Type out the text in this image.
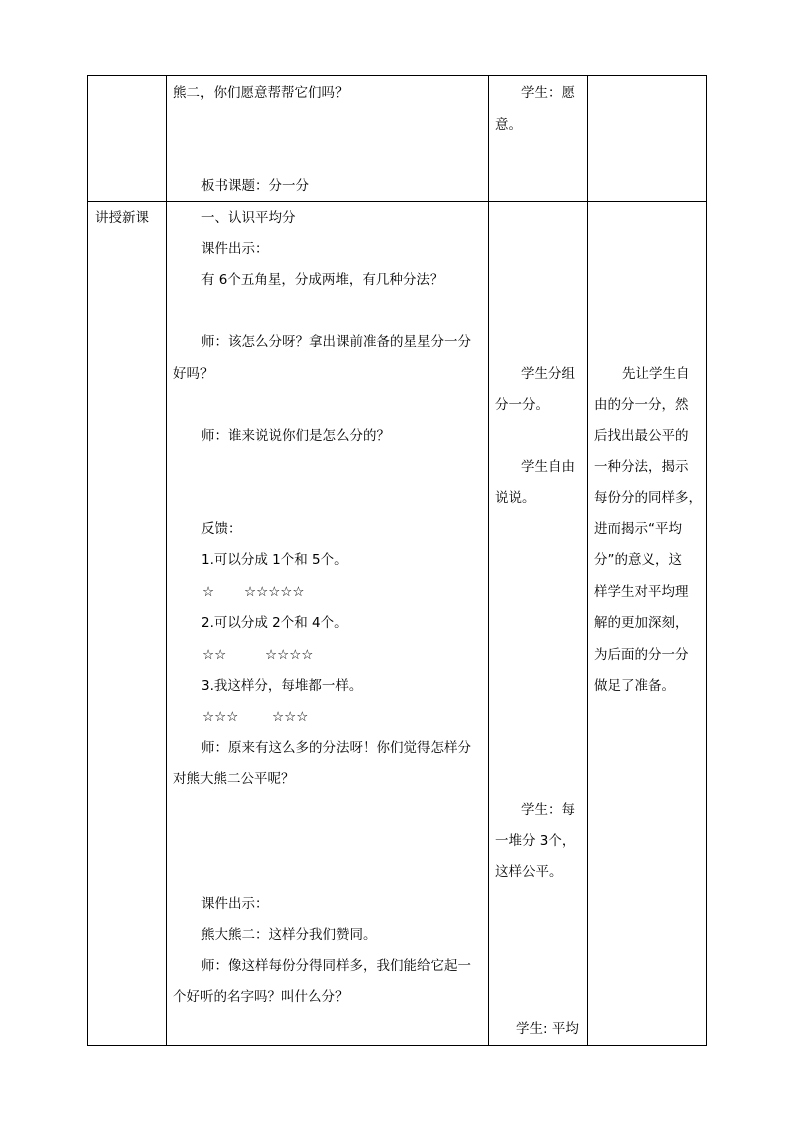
熊二，你们愿意帮帮它们吗？
板书课题：分一分
学生：愿
意。
讲授新课	一、认识平均分
课件出示：
有 6个五角星，分成两堆，有几种分法？
师：该怎么分呀？拿出课前准备的星星分一分
好吗？
师：谁来说说你们是怎么分的？
反馈：
1.可以分成 1个和 5个。
☆ ☆☆☆☆☆
2.可以分成 2个和 4个。
☆☆	☆☆☆☆
3.我这样分，每堆都一样。
☆☆☆ ☆☆☆
师：原来有这么多的分法呀！你们觉得怎样分
对熊大熊二公平呢？
课件出示：
熊大熊二：这样分我们赞同。
师：像这样每份分得同样多，我们能给它起一
个好听的名字吗？叫什么分？
学生分组
分一分。
学生自由
说说。
学生：每
一堆分 3个，
这样公平。
学生: 平均
先让学生自
由的分一分，然
后找出最公平的
一种分法，揭示
每份分的同样多，
进而揭示“平均
分”的意义，这
样学生对平均理
解的更加深刻，
为后面的分一分
做足了准备。
